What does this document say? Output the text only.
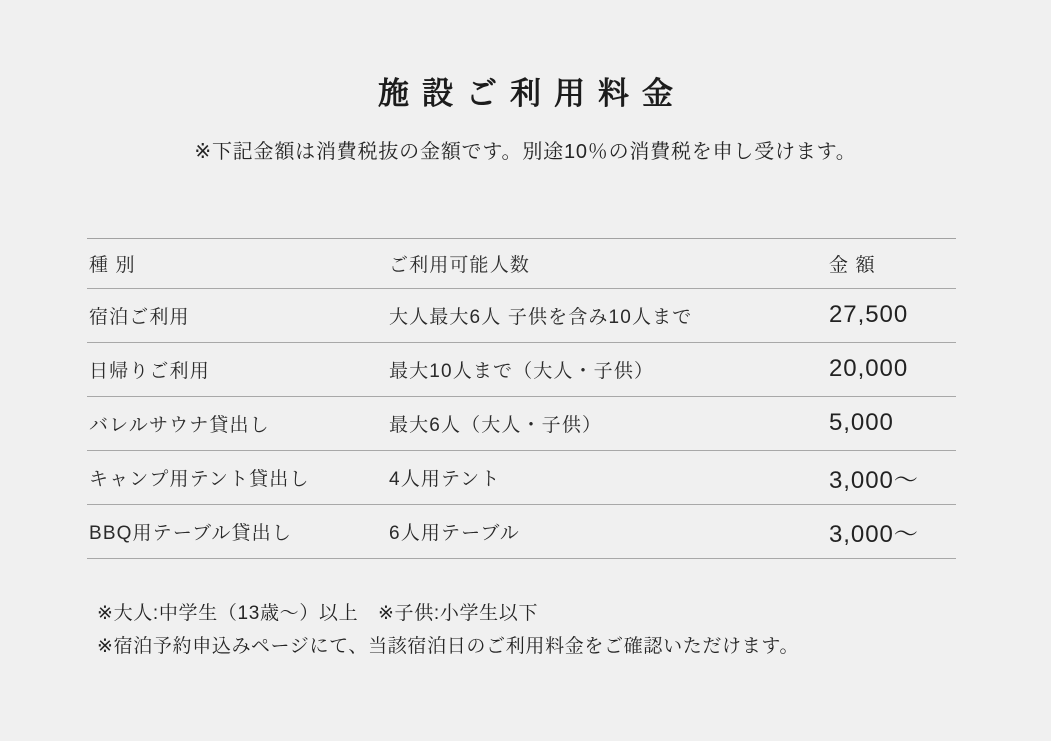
施設ご利用料金

※下記金額は消費税抜の金額です。別途10％の消費税を申し受けます。

種 別	ご利用可能人数	金 額
宿泊ご利用	大人最大6人 子供を含み10人まで	27,500
日帰りご利用	最大10人まで（大人・子供）	20,000
バレルサウナ貸出し	最大6人（大人・子供）	5,000
キャンプ用テント貸出し	4人用テント	3,000～
BBQ用テーブル貸出し	6人用テーブル	3,000～
※大人:中学生（13歳～）以上　※子供:小学生以下
※宿泊予約申込みページにて、当該宿泊日のご利用料金をご確認いただけます。
